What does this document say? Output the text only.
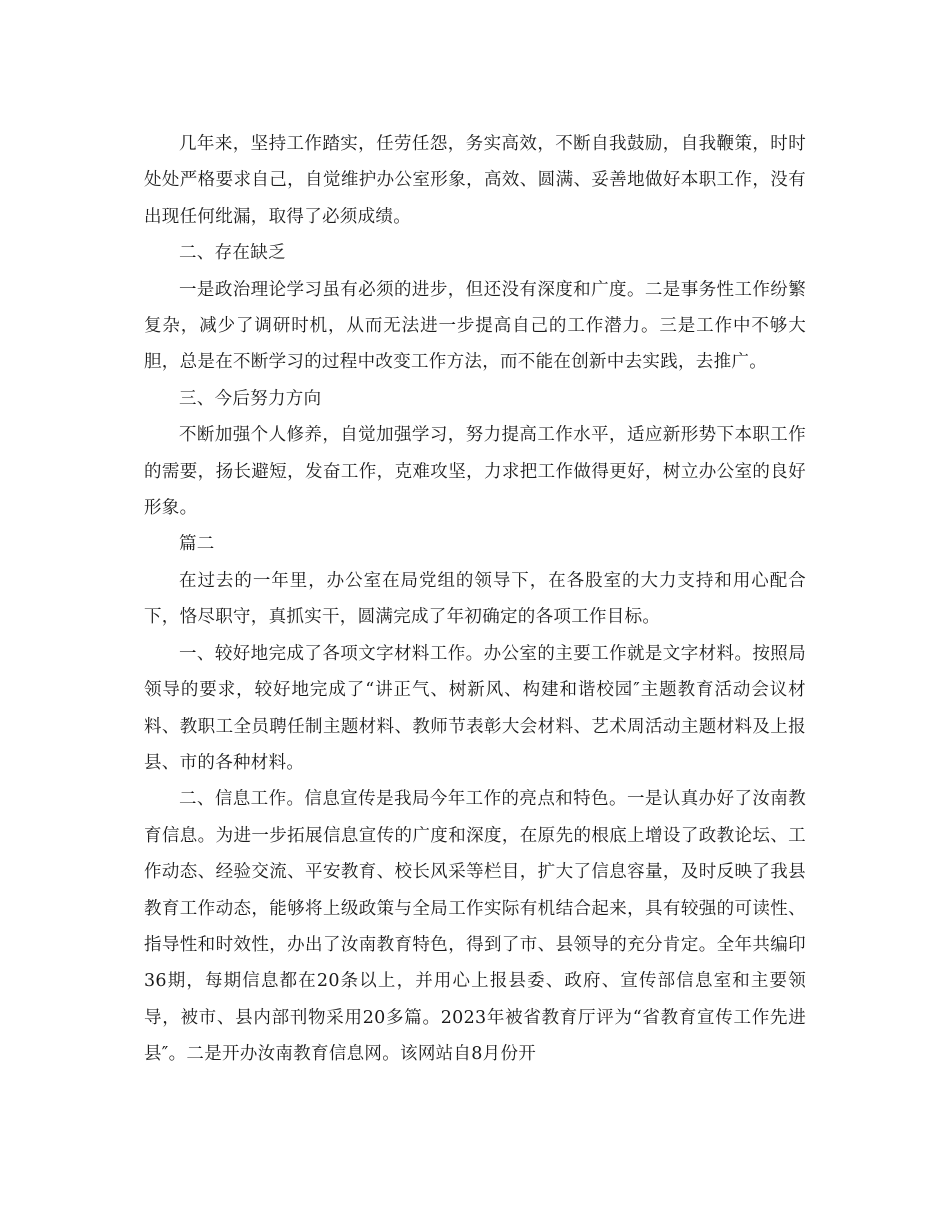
几年来，坚持工作踏实，任劳任怨，务实高效，不断自我鼓励，自我鞭策，时时处处严格要求自己，自觉维护办公室形象，高效、圆满、妥善地做好本职工作，没有出现任何纰漏，取得了必须成绩。

二、存在缺乏

一是政治理论学习虽有必须的进步，但还没有深度和广度。二是事务性工作纷繁复杂，减少了调研时机，从而无法进一步提高自己的工作潜力。三是工作中不够大胆，总是在不断学习的过程中改变工作方法，而不能在创新中去实践，去推广。

三、今后努力方向

不断加强个人修养，自觉加强学习，努力提高工作水平，适应新形势下本职工作的需要，扬长避短，发奋工作，克难攻坚，力求把工作做得更好，树立办公室的良好形象。

篇二

在过去的一年里，办公室在局党组的领导下，在各股室的大力支持和用心配合下，恪尽职守，真抓实干，圆满完成了年初确定的各项工作目标。

一、较好地完成了各项文字材料工作。办公室的主要工作就是文字材料。按照局领导的要求，较好地完成了“讲正气、树新风、构建和谐校园″主题教育活动会议材料、教职工全员聘任制主题材料、教师节表彰大会材料、艺术周活动主题材料及上报县、市的各种材料。

二、信息工作。信息宣传是我局今年工作的亮点和特色。一是认真办好了汝南教育信息。为进一步拓展信息宣传的广度和深度，在原先的根底上增设了政教论坛、工作动态、经验交流、平安教育、校长风采等栏目，扩大了信息容量，及时反映了我县教育工作动态，能够将上级政策与全局工作实际有机结合起来，具有较强的可读性、指导性和时效性，办出了汝南教育特色，得到了市、县领导的充分肯定。全年共编印36期，每期信息都在20条以上，并用心上报县委、政府、宣传部信息室和主要领导，被市、县内部刊物采用20多篇。2023年被省教育厅评为“省教育宣传工作先进县″。二是开办汝南教育信息网。该网站自8月份开
